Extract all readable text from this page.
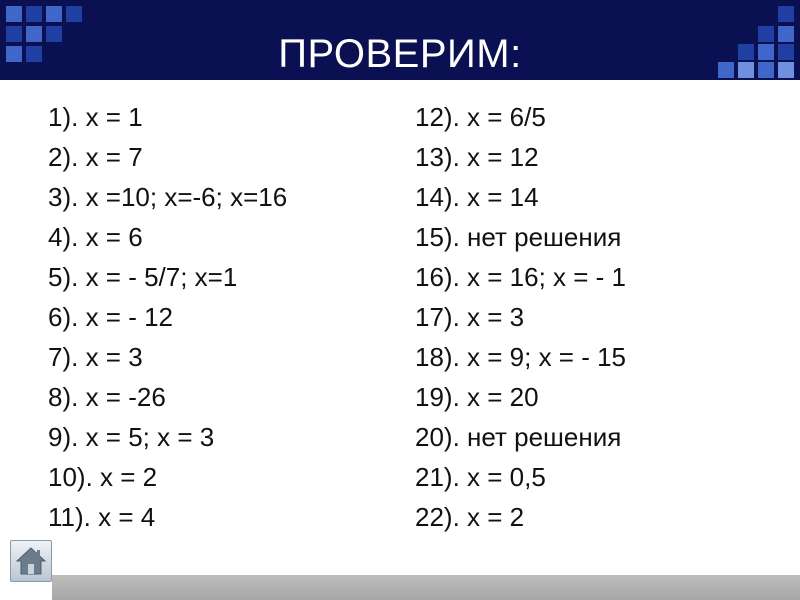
ПРОВЕРИМ:
1). х = 1
2). х = 7
3). х =10; х=-6; х=16
4). х = 6
5). х = - 5/7; х=1
6). х = - 12
7). х = 3
8). х = -26
9). х = 5; х = 3
10). х = 2
11). х = 4
12). х = 6/5
13). х = 12
14). х = 14
15). нет решения
16). х = 16; х = - 1
17). х = 3
18). х = 9; х = - 15
19). х = 20
20). нет решения
21). х = 0,5
22). х = 2
